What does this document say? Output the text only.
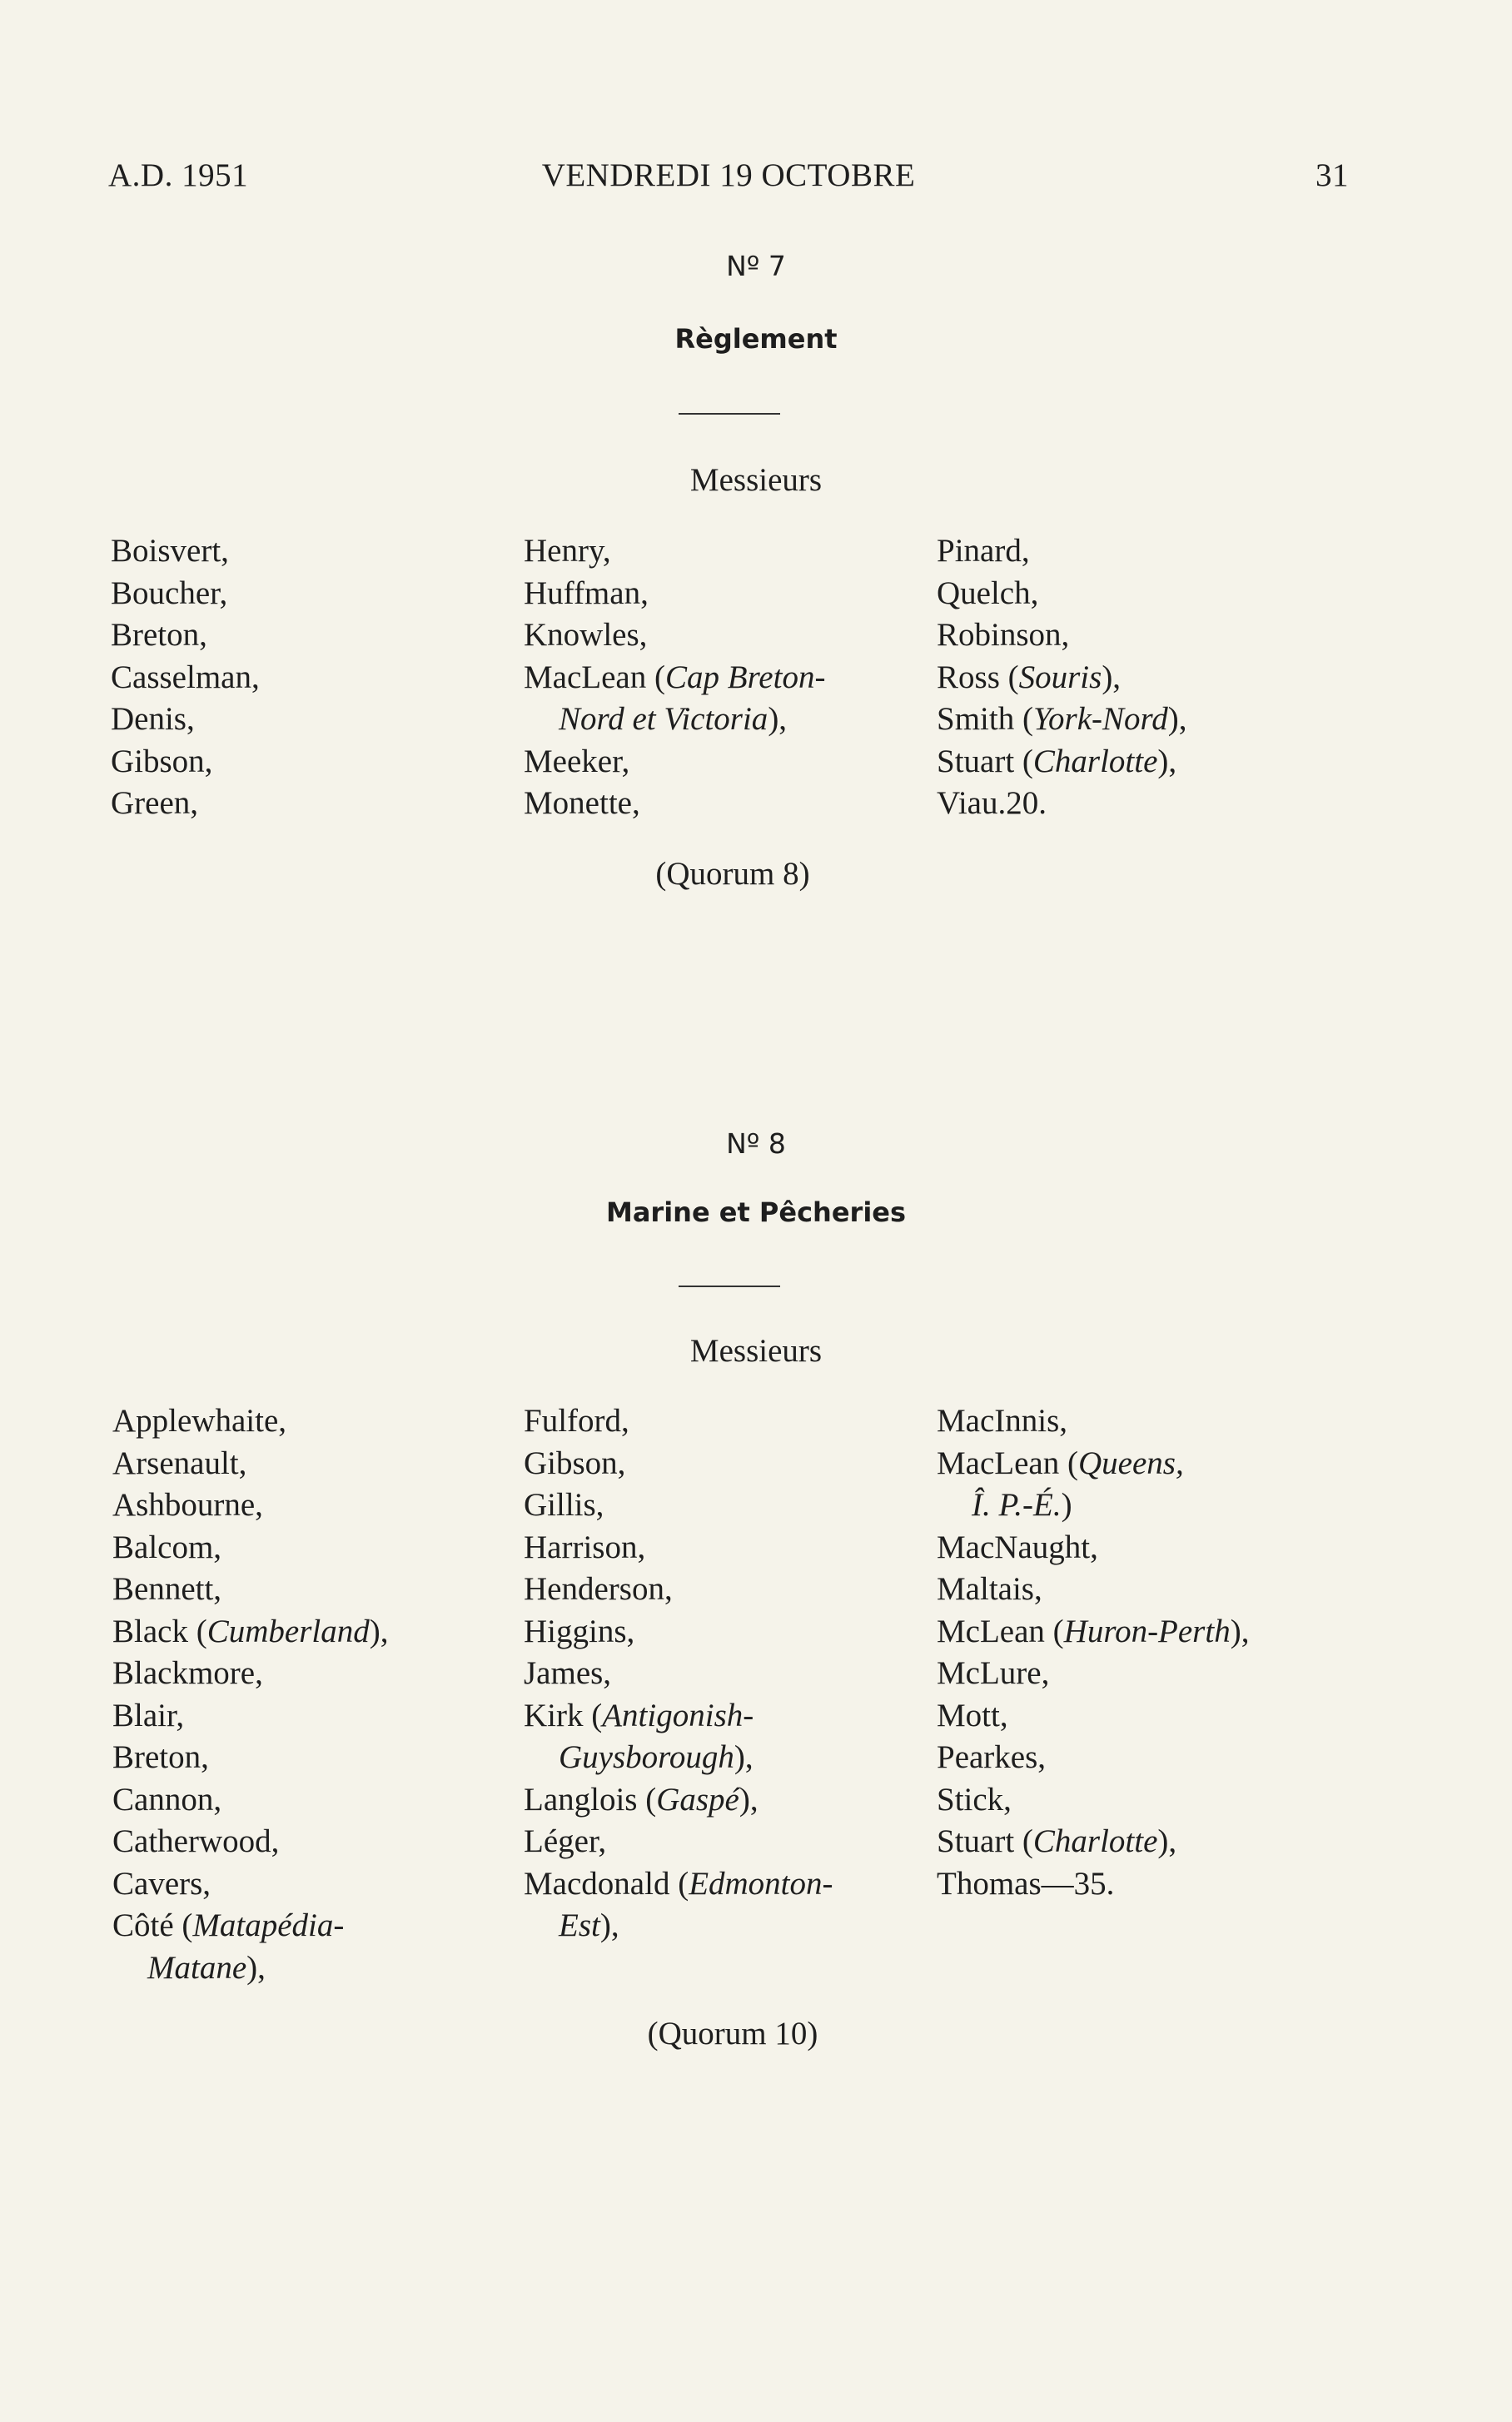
A.D. 1951	VENDREDI 19 OCTOBRE	31
Nº 7
Règlement
Messieurs
Boisvert,
Boucher,
Breton,
Casselman,
Denis,
Gibson,
Green,
Henry,
Huffman,
Knowles,
MacLean (Cap Breton-
Nord et Victoria),
Meeker,
Monette,
Pinard,
Quelch,
Robinson,
Ross (Souris),
Smith (York-Nord),
Stuart (Charlotte),
Viau.20.
(Quorum 8)
Nº 8
Marine et Pêcheries
Messieurs
Applewhaite,
Arsenault,
Ashbourne,
Balcom,
Bennett,
Black (Cumberland),
Blackmore,
Blair,
Breton,
Cannon,
Catherwood,
Cavers,
Côté (Matapédia-
Matane),
Fulford,
Gibson,
Gillis,
Harrison,
Henderson,
Higgins,
James,
Kirk (Antigonish-
Guysborough),
Langlois (Gaspé),
Léger,
Macdonald (Edmonton-
Est),
MacInnis,
MacLean (Queens,
Î. P.-É.)
MacNaught,
Maltais,
McLean (Huron-Perth),
McLure,
Mott,
Pearkes,
Stick,
Stuart (Charlotte),
Thomas—35.
(Quorum 10)
